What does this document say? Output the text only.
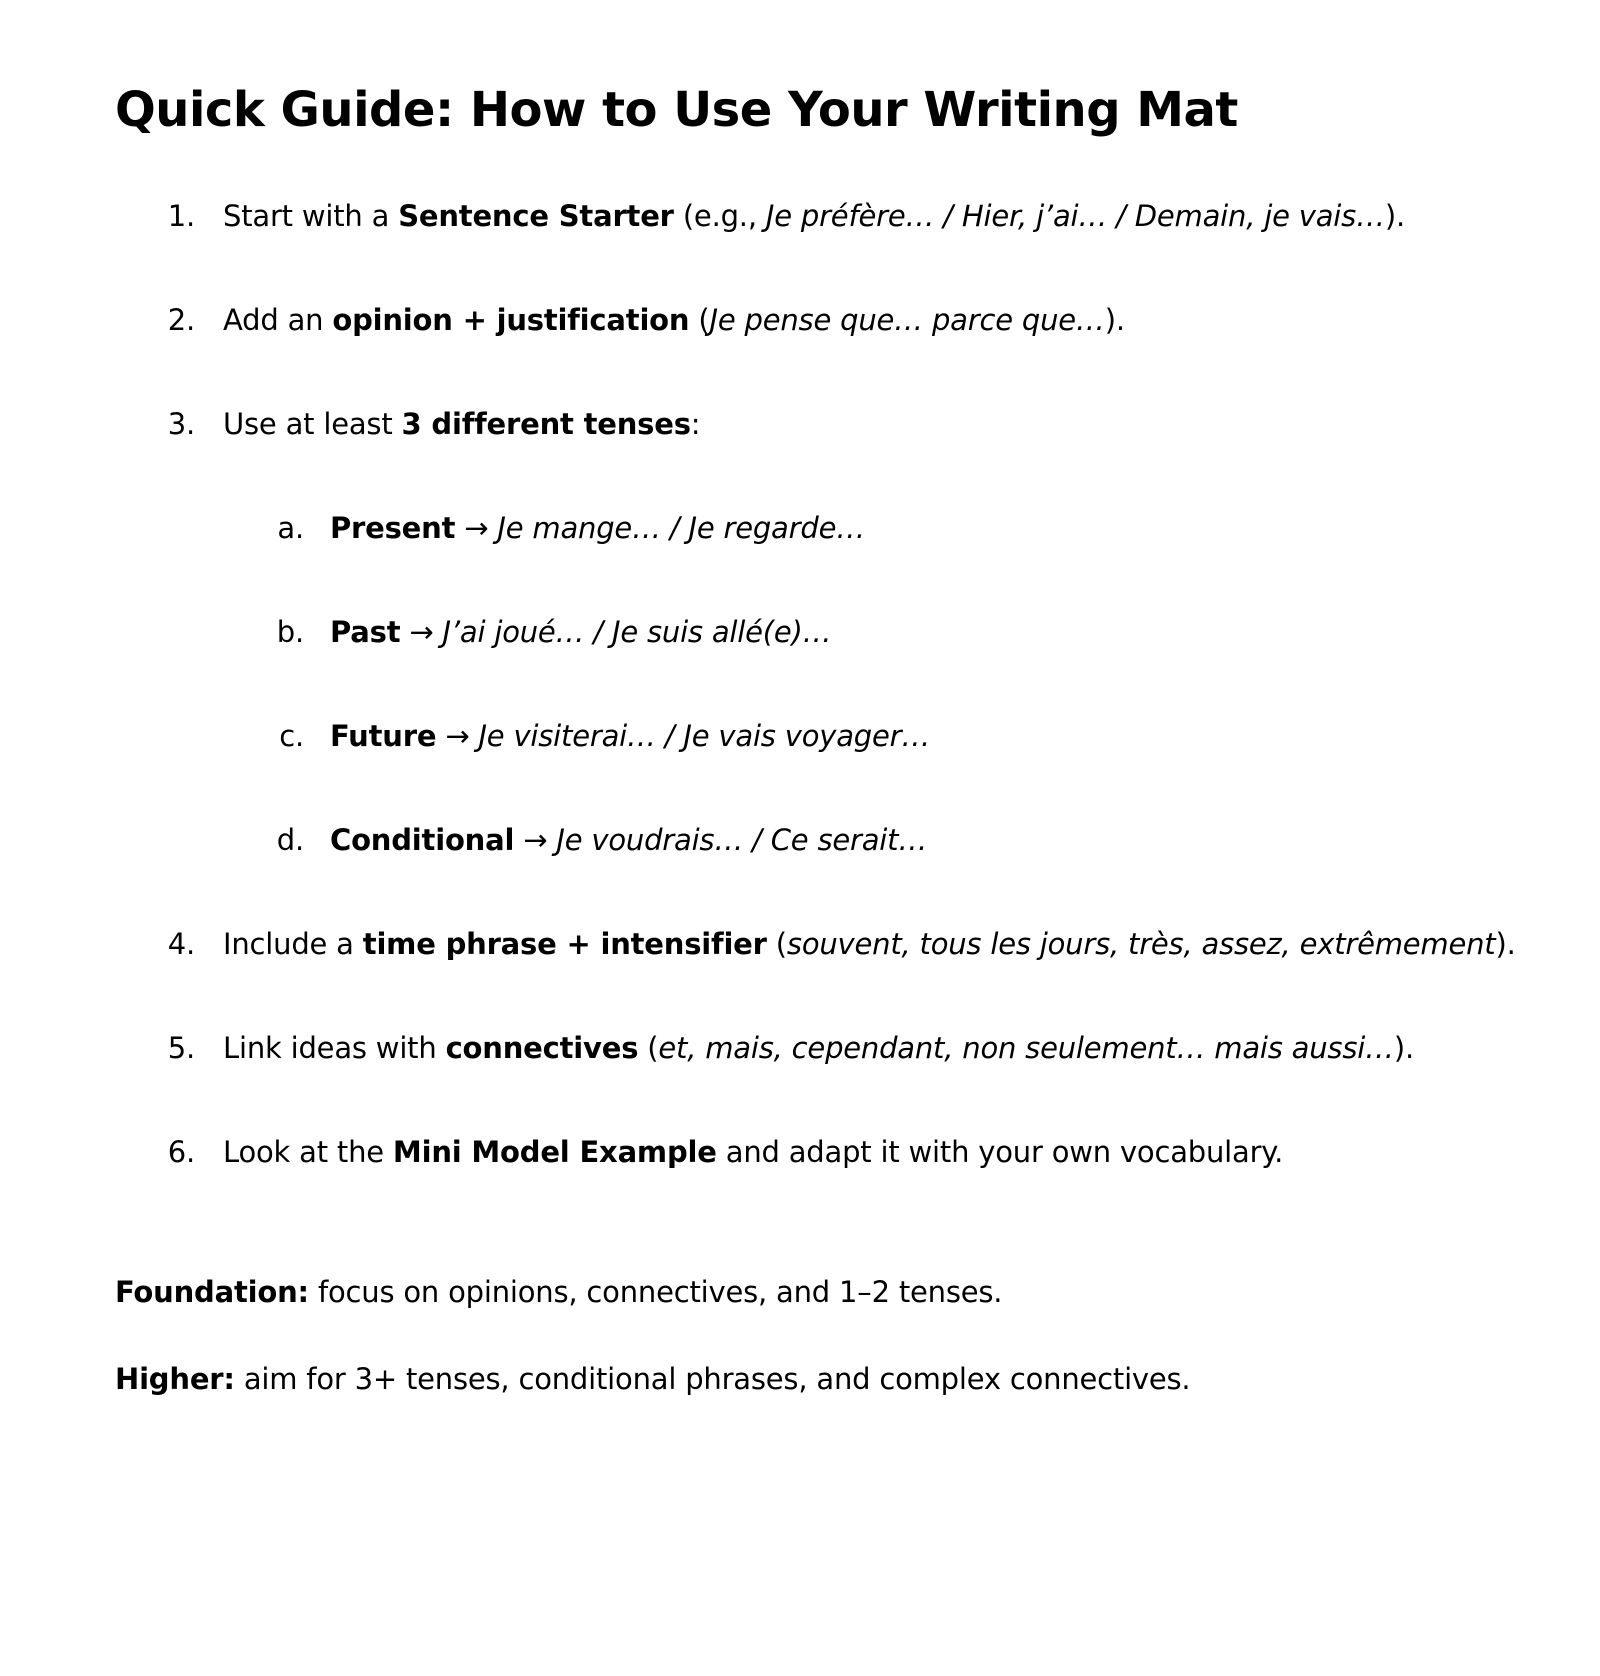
Quick Guide: How to Use Your Writing Mat
1. Start with a Sentence Starter (e.g., Je préfère… / Hier, j’ai… / Demain, je vais…).
2. Add an opinion + justification (Je pense que… parce que…).
3. Use at least 3 different tenses:
a. Present → Je mange… / Je regarde…
b. Past → J’ai joué… / Je suis allé(e)…
c. Future → Je visiterai… / Je vais voyager…
d. Conditional → Je voudrais… / Ce serait…
4. Include a time phrase + intensifier (souvent, tous les jours, très, assez, extrêmement).
5. Link ideas with connectives (et, mais, cependant, non seulement… mais aussi…).
6. Look at the Mini Model Example and adapt it with your own vocabulary.

Foundation: focus on opinions, connectives, and 1–2 tenses.

Higher: aim for 3+ tenses, conditional phrases, and complex connectives.
